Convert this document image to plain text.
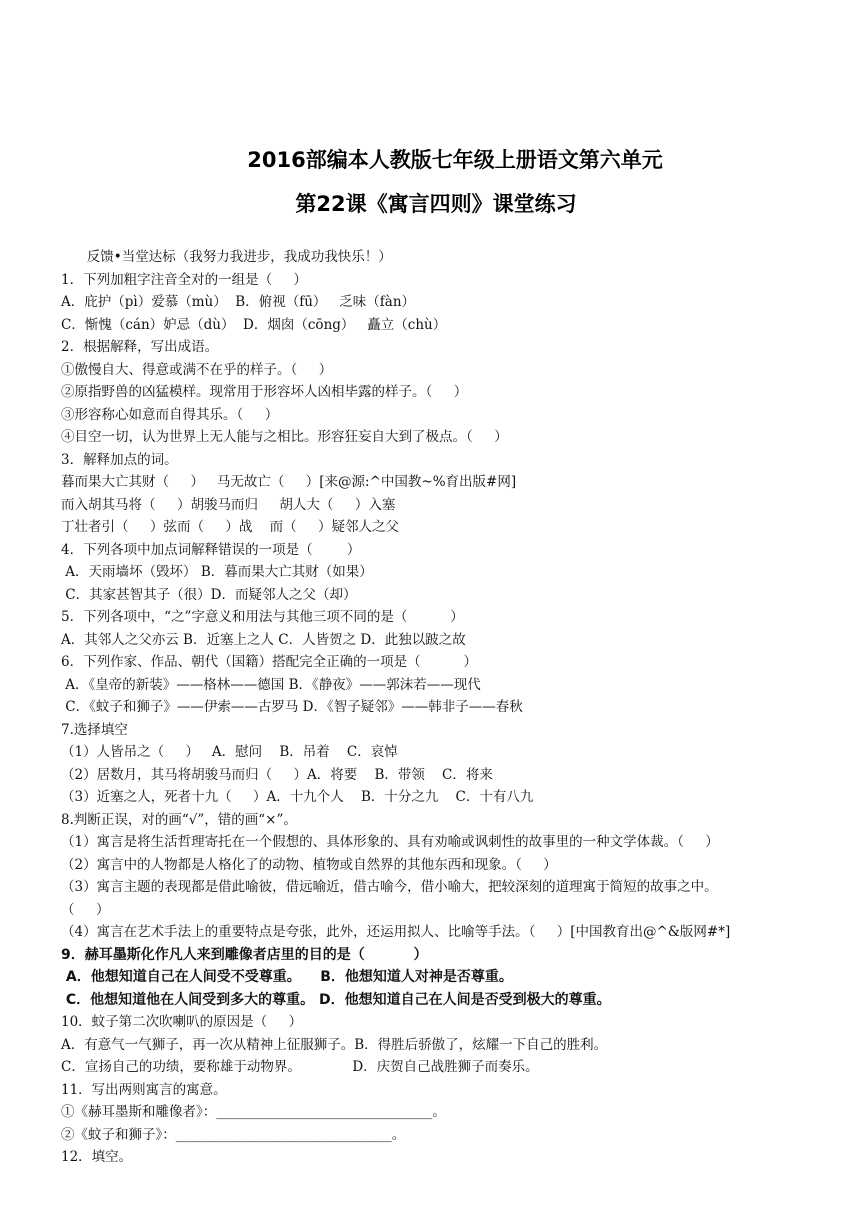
2016部编本人教版七年级上册语文第六单元
第22课《寓言四则》课堂练习
反馈•当堂达标（我努力我进步，我成功我快乐！）
1．下列加粗字注音全对的一组是（     ）
A．庇护（pì）爱慕（mù）  B．俯视（fū）   乏味（fàn）
C．惭愧（cán）妒忌（dù）  D．烟囱（cōng）   矗立（chù）
2．根据解释，写出成语。
①傲慢自大、得意或满不在乎的样子。（     ）
②原指野兽的凶猛模样。现常用于形容坏人凶相毕露的样子。（     ）
③形容称心如意而自得其乐。（     ）
④目空一切，认为世界上无人能与之相比。形容狂妄自大到了极点。（     ）
3．解释加点的词。
暮而果大亡其财（     ）   马无故亡（     ）[来@源:^中国教~%育出版#网]
而入胡其马将（     ）胡骏马而归     胡人大（     ）入塞
丁壮者引（     ）弦而（     ）战    而（     ）疑邻人之父
4．下列各项中加点词解释错误的一项是（        ）
A．天雨墙坏（毁坏） B．暮而果大亡其财（如果）
C．其家甚智其子（很）D．而疑邻人之父（却）
5．下列各项中，“之”字意义和用法与其他三项不同的是（          ）
A．其邻人之父亦云 B．近塞上之人 C．人皆贺之 D．此独以跛之故
6．下列作家、作品、朝代（国籍）搭配完全正确的一项是（          ）
A．《皇帝的新装》——格林——德国 B．《静夜》——郭沫若——现代
C．《蚊子和狮子》——伊索——古罗马 D．《智子疑邻》——韩非子——春秋
7.选择填空
（1）人皆吊之（     ）   A．慰问    B．吊着    C．哀悼
（2）居数月，其马将胡骏马而归（     ）A．将要    B．带领    C．将来
（3）近塞之人，死者十九（     ）A．十九个人    B．十分之九    C．十有八九
8.判断正误，对的画“√”，错的画“×”。
（1）寓言是将生活哲理寄托在一个假想的、具体形象的、具有劝喻或讽刺性的故事里的一种文学体裁。（     ）
（2）寓言中的人物都是人格化了的动物、植物或自然界的其他东西和现象。（     ）
（3）寓言主题的表现都是借此喻彼，借远喻近，借古喻今，借小喻大，把较深刻的道理寓于简短的故事之中。
（     ）
（4）寓言在艺术手法上的重要特点是夸张，此外，还运用拟人、比喻等手法。（     ）[中国教育出@^&版网#*]
9．赫耳墨斯化作凡人来到雕像者店里的目的是（          ）
A．他想知道自己在人间受不受尊重。    B．他想知道人对神是否尊重。
C．他想知道他在人间受到多大的尊重。 D．他想知道自己在人间是否受到极大的尊重。
10．蚊子第二次吹喇叭的原因是（     ）
A．有意气一气狮子，再一次从精神上征服狮子。B．得胜后骄傲了，炫耀一下自己的胜利。
C．宣扬自己的功绩，要称雄于动物界。            D．庆贺自己战胜狮子而奏乐。
11．写出两则寓言的寓意。
①《赫耳墨斯和雕像者》：________________________________。
②《蚊子和狮子》：________________________________。
12．填空。
